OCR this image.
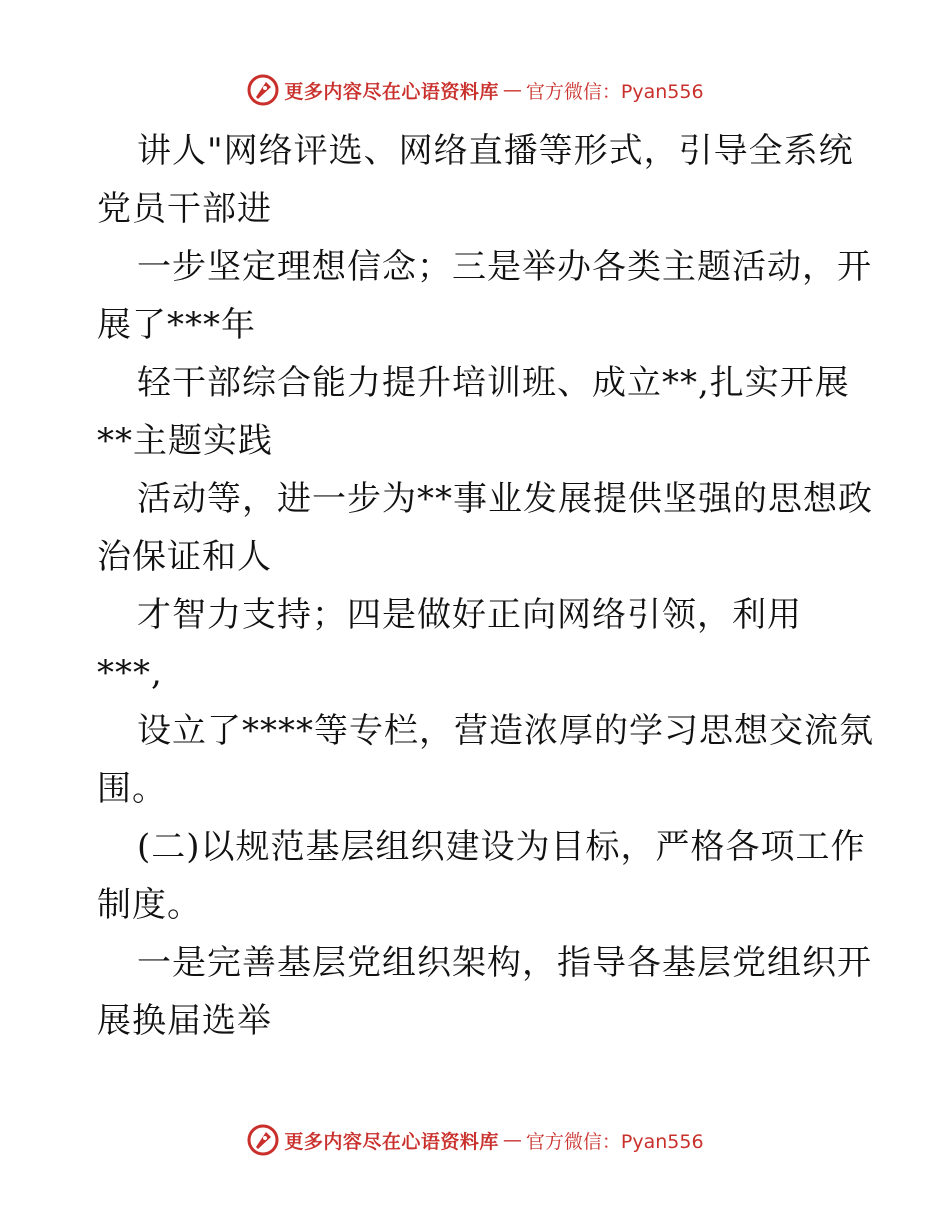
更多内容尽在心语资料库 — 官方微信：Pyan556
讲人"网络评选、网络直播等形式，引导全系统
党员干部进
一步坚定理想信念；三是举办各类主题活动，开
展了***年
轻干部综合能力提升培训班、成立**,扎实开展
**主题实践
活动等，进一步为**事业发展提供坚强的思想政
治保证和人
才智力支持；四是做好正向网络引领，利用
***,
设立了****等专栏，营造浓厚的学习思想交流氛
围。
(二)以规范基层组织建设为目标，严格各项工作
制度。
一是完善基层党组织架构，指导各基层党组织开
展换届选举
更多内容尽在心语资料库 — 官方微信：Pyan556
